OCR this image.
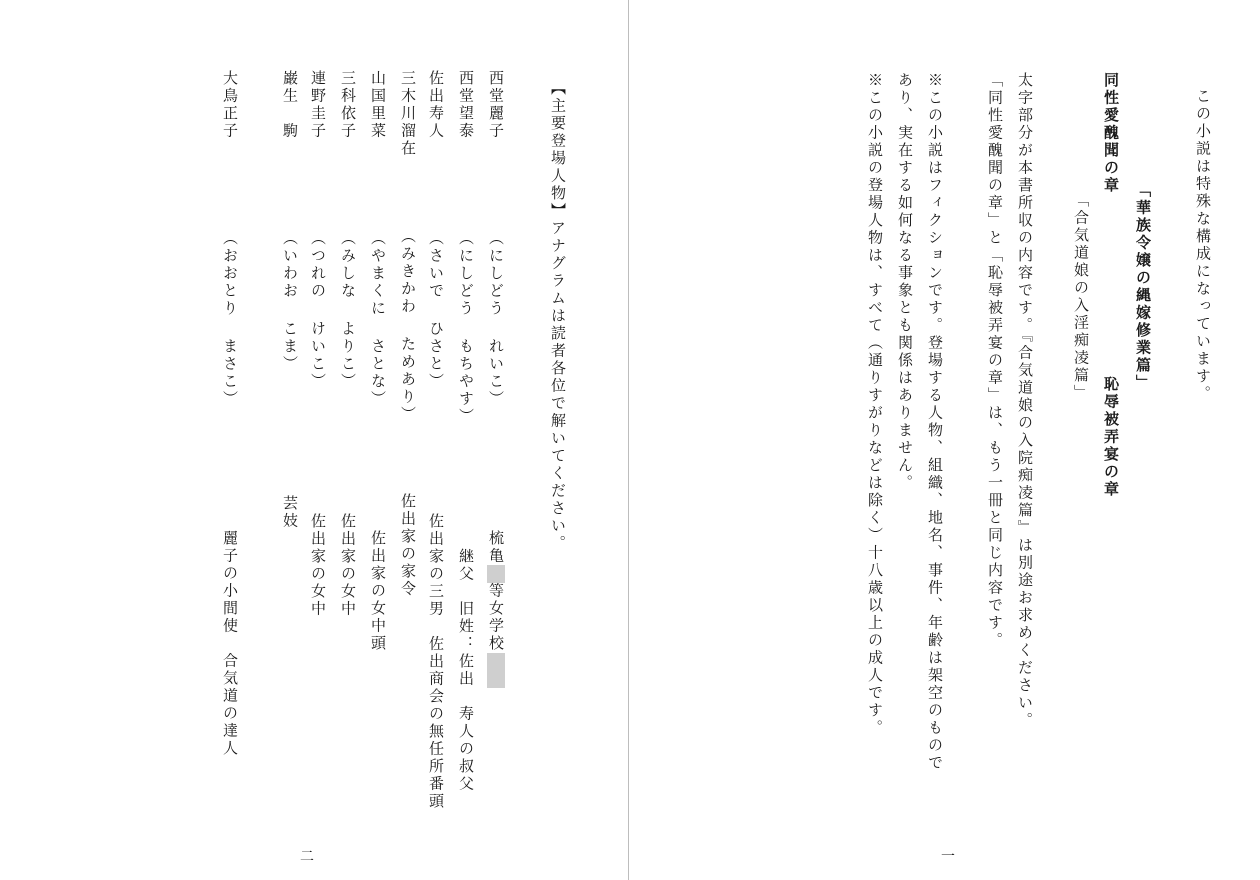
【主要登場人物】アナグラムは読者各位で解いてください。
西堂麗子（にしどう れいこ）梳亀　等女学校　　
西堂望泰（にしどう もちやす）継父　旧姓：佐出　寿人の叔父
佐出寿人（さいで ひさと）佐出家の三男　佐出商会の無任所番頭
三木川溜在（みきかわ ためあり）佐出家の家令
山国里菜（やまくに さとな）佐出家の女中頭
三科依子（みしな よりこ）佐出家の女中
連野圭子（つれの けいこ）佐出家の女中
巌生　駒（いわお こま）芸妓
大鳥正子（おおとり まさこ）麗子の小間使　合気道の達人
二
この小説は特殊な構成になっています。
「華族令嬢の縄嫁修業篇」
同性愛醜聞の章
恥辱被弄宴の章
「合気道娘の入淫痴凌篇」
太字部分が本書所収の内容です。『合気道娘の入院痴凌篇』は別途お求めください。
「同性愛醜聞の章」と「恥辱被弄宴の章」は、もう一冊と同じ内容です。
※この小説はフィクションです。登場する人物、組織、地名、事件、年齢は架空のもので
あり、実在する如何なる事象とも関係はありません。
※この小説の登場人物は、すべて（通りすがりなどは除く）十八歳以上の成人です。
一
